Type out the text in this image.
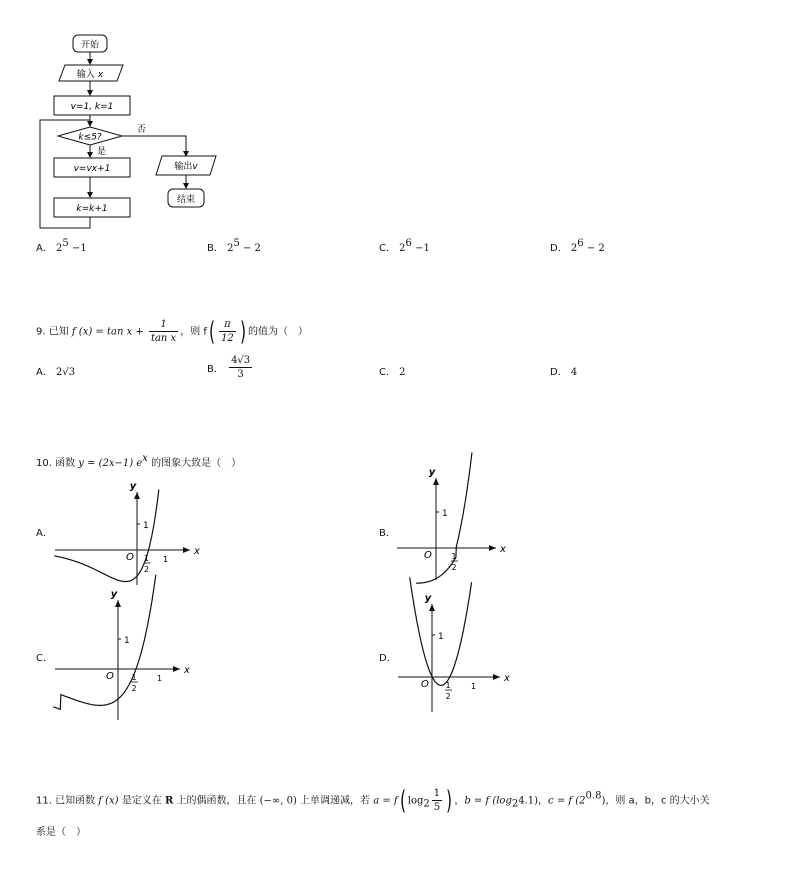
开始
输入 x
v=1, k=1
k≤5?
否
是
v=vx+1
k=k+1
输出v
结束
A． 25 −1	B． 25 − 2	C． 26 −1	D． 26 − 2
9. 已知 f $(x) = \tan x + \frac{1}{\text{tan x}}$ ，则 $f( \frac{\pi}{12}$ ) 的值为（　）
A． 2√3	B． $\frac{4√3}{3}$	C． 2	D． 4
10. 函数 y = (2x−1) ex 的图象大致是（　）
A．	B．
C．	D．
y
x
O
1
1
2
1
y
x
O
1
1
2
y
x
O
1
1
2
1
y
x
O
1
1
2
1
11. 已知函数 f (x) 是定义在 R 上的偶函数，且在 (−∞, 0) 上单调递减，若 a = f( $\log 2 \frac{1}{5}$ ) ，b = f (log24.1)，c = f (20.8)，则 a，b，c 的大小关
系是（　）
